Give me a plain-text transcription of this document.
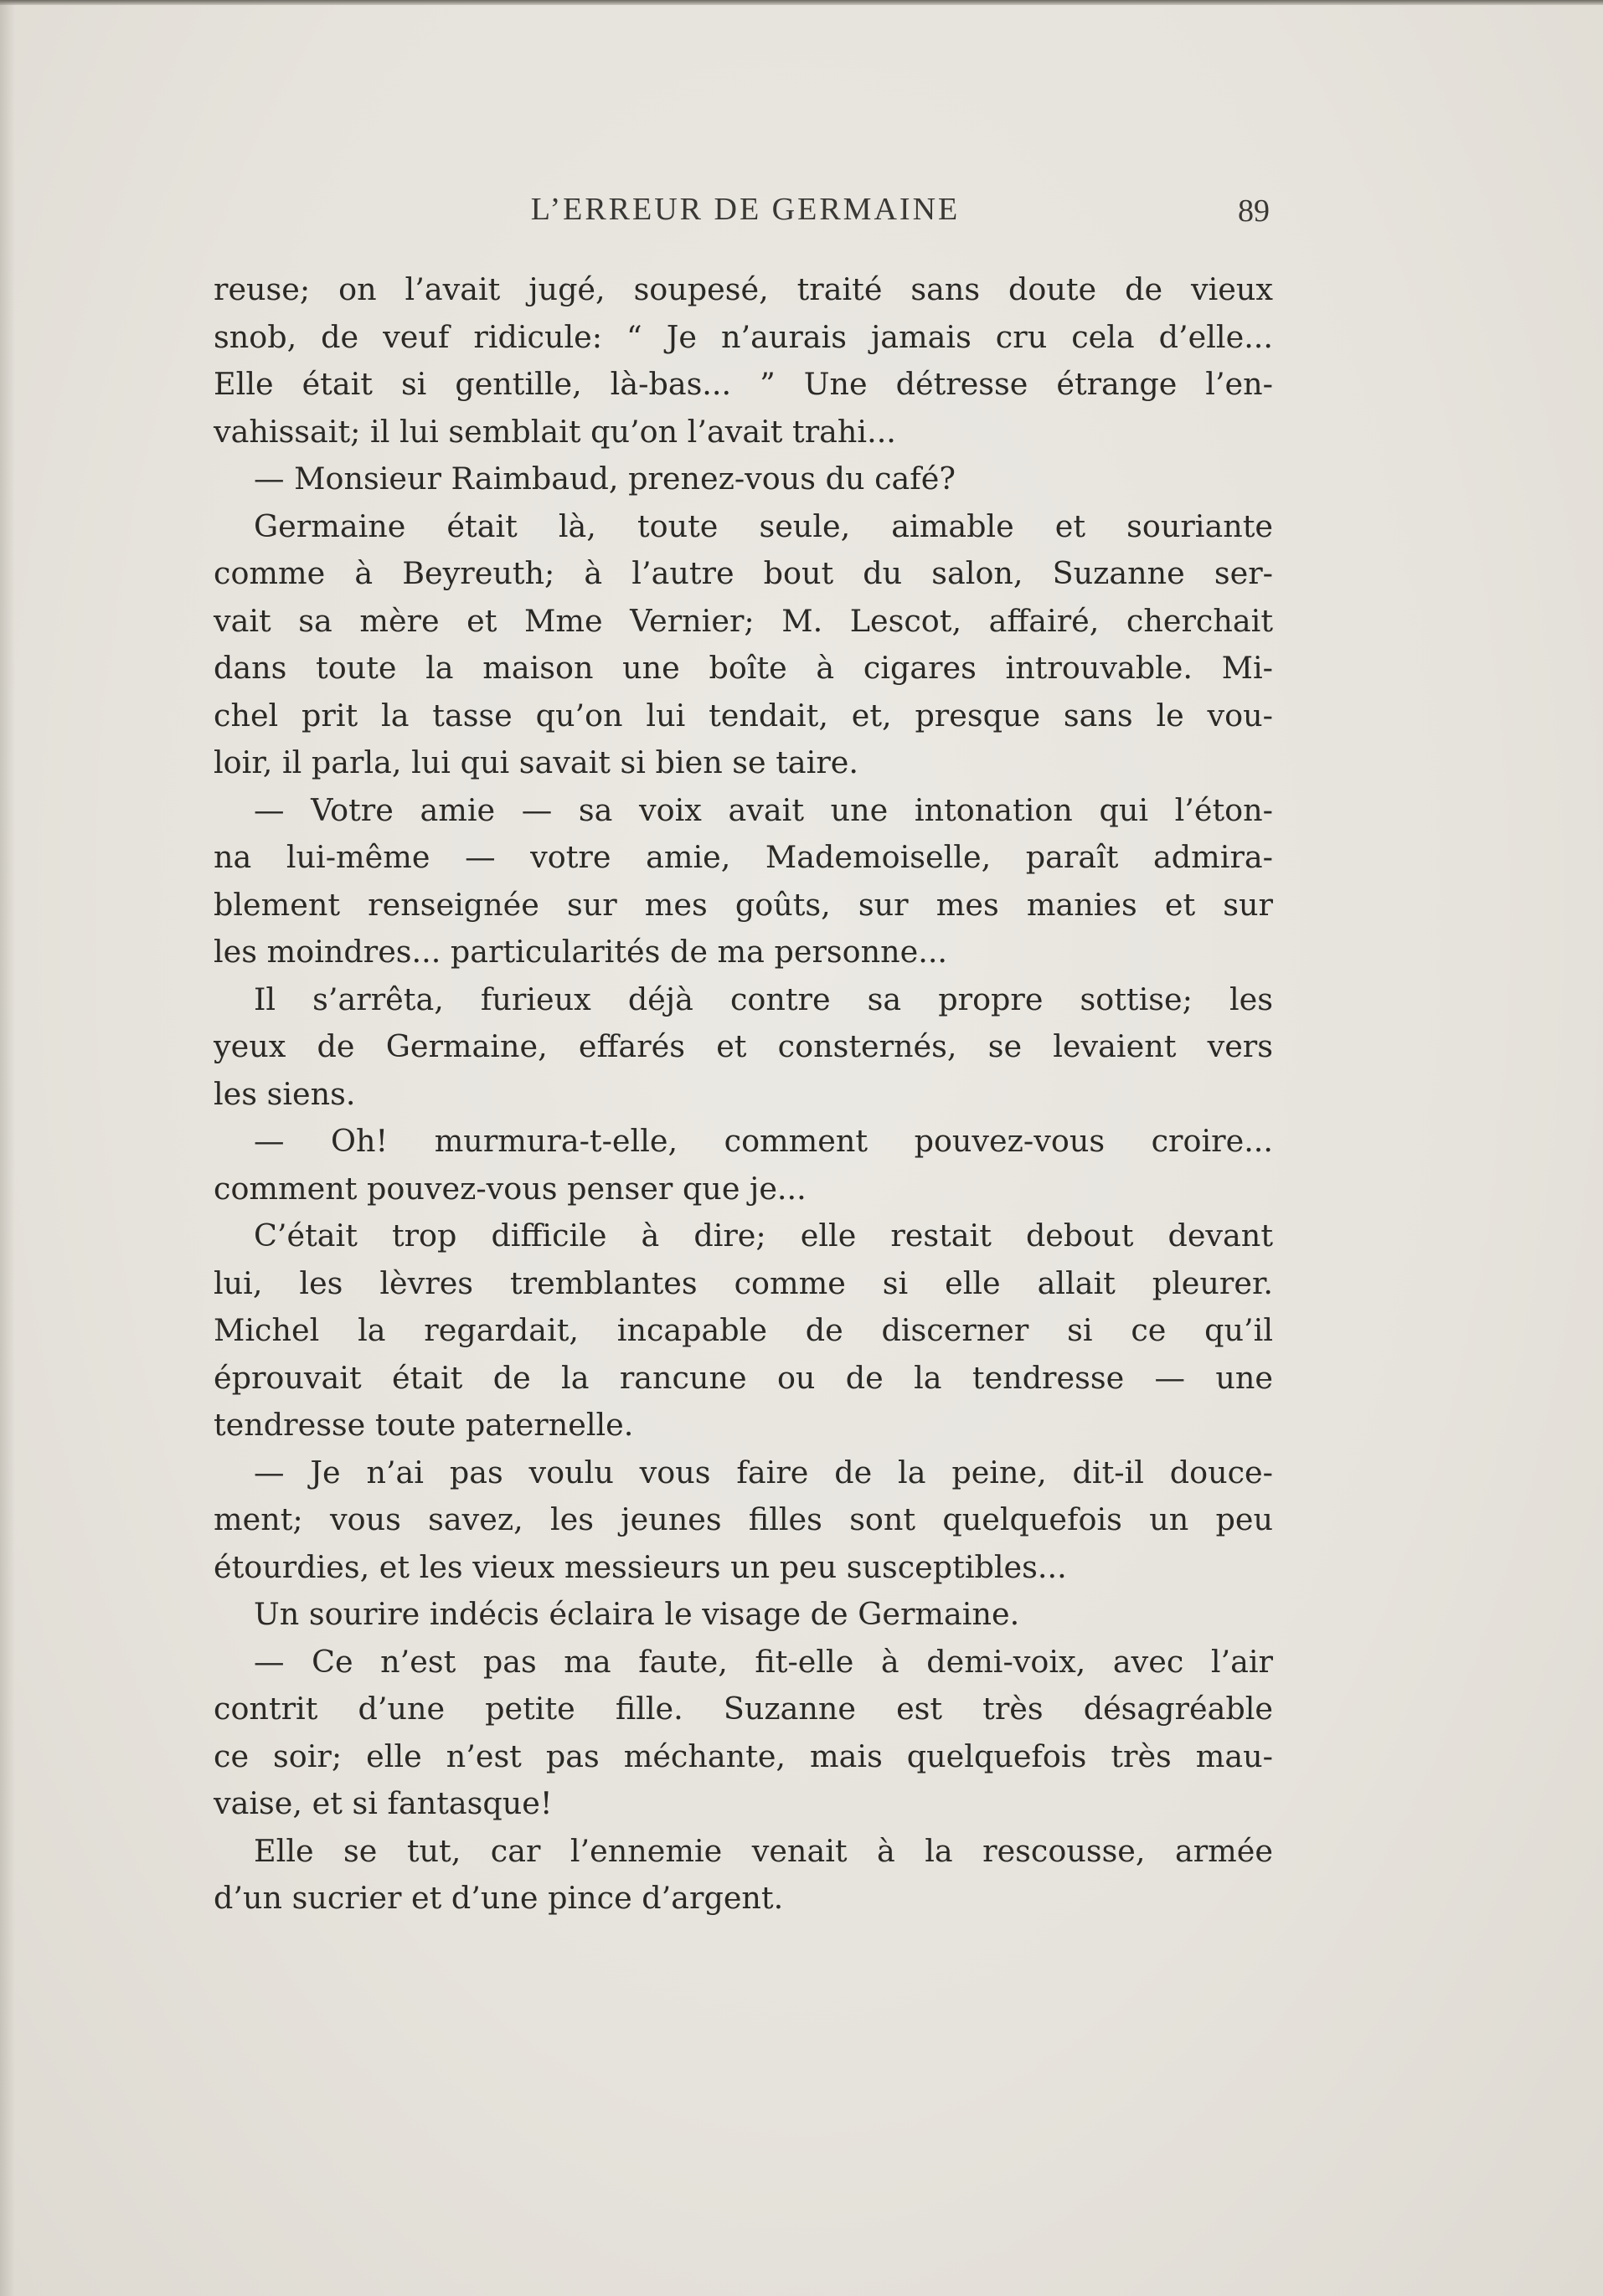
L’ERREUR DE GERMAINE	89
reuse; on l’avait jugé, soupesé, traité sans doute de vieux
snob, de veuf ridicule: “ Je n’aurais jamais cru cela d’elle...
Elle était si gentille, là-bas... ” Une détresse étrange l’en-
vahissait; il lui semblait qu’on l’avait trahi...
— Monsieur Raimbaud, prenez-vous du café?
Germaine était là, toute seule, aimable et souriante
comme à Beyreuth; à l’autre bout du salon, Suzanne ser-
vait sa mère et Mme Vernier; M. Lescot, affairé, cherchait
dans toute la maison une boîte à cigares introuvable. Mi-
chel prit la tasse qu’on lui tendait, et, presque sans le vou-
loir, il parla, lui qui savait si bien se taire.
— Votre amie — sa voix avait une intonation qui l’éton-
na lui-même — votre amie, Mademoiselle, paraît admira-
blement renseignée sur mes goûts, sur mes manies et sur
les moindres... particularités de ma personne...
Il s’arrêta, furieux déjà contre sa propre sottise; les
yeux de Germaine, effarés et consternés, se levaient vers
les siens.
— Oh! murmura-t-elle, comment pouvez-vous croire...
comment pouvez-vous penser que je...
C’était trop difficile à dire; elle restait debout devant
lui, les lèvres tremblantes comme si elle allait pleurer.
Michel la regardait, incapable de discerner si ce qu’il
éprouvait était de la rancune ou de la tendresse — une
tendresse toute paternelle.
— Je n’ai pas voulu vous faire de la peine, dit-il douce-
ment; vous savez, les jeunes filles sont quelquefois un peu
étourdies, et les vieux messieurs un peu susceptibles...
Un sourire indécis éclaira le visage de Germaine.
— Ce n’est pas ma faute, fit-elle à demi-voix, avec l’air
contrit d’une petite fille. Suzanne est très désagréable
ce soir; elle n’est pas méchante, mais quelquefois très mau-
vaise, et si fantasque!
Elle se tut, car l’ennemie venait à la rescousse, armée
d’un sucrier et d’une pince d’argent.
